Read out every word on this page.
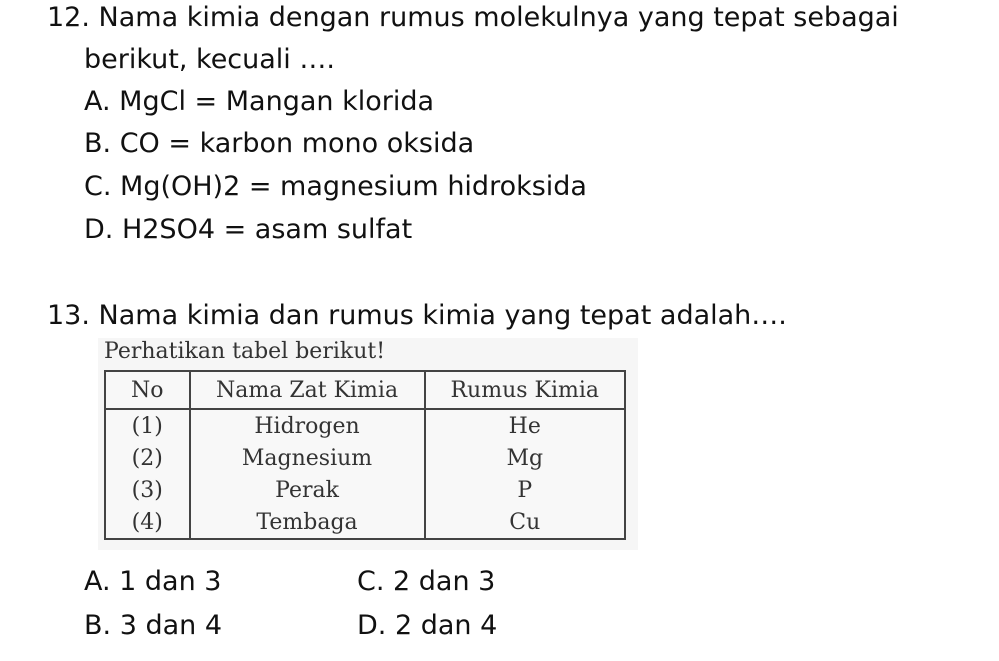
12. Nama kimia dengan rumus molekulnya yang tepat sebagai
berikut, kecuali ….
A. MgCl = Mangan klorida
B. CO = karbon mono oksida
C. Mg(OH)2 = magnesium hidroksida
D. H2SO4 = asam sulfat
13. Nama kimia dan rumus kimia yang tepat adalah….
Perhatikan tabel berikut!
No	Nama Zat Kimia	Rumus Kimia
(1)	Hidrogen	He
(2)	Magnesium	Mg
(3)	Perak	P
(4)	Tembaga	Cu
A. 1 dan 3	C. 2 dan 3
B. 3 dan 4	D. 2 dan 4
